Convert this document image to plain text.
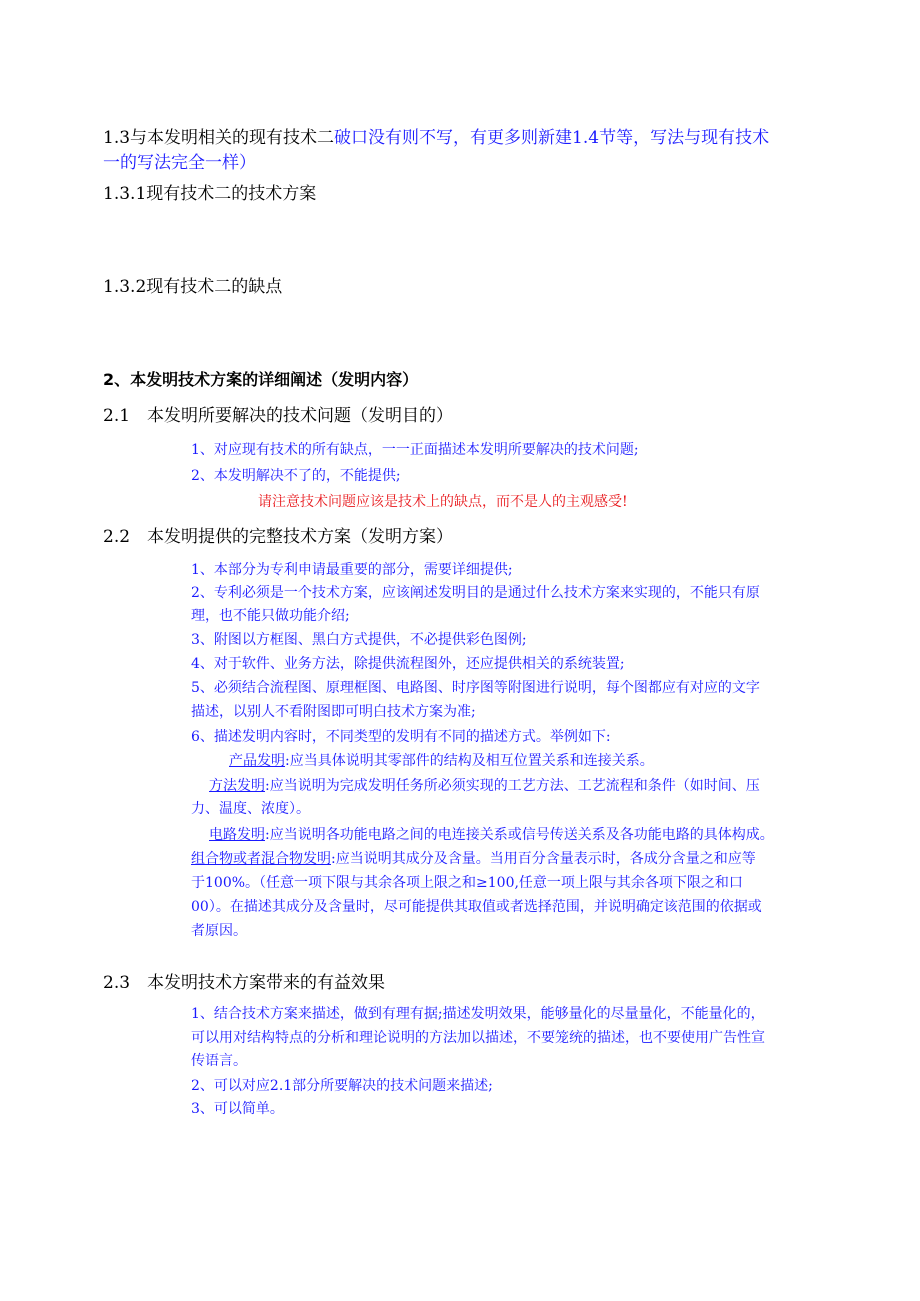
1.3与本发明相关的现有技术二破口没有则不写，有更多则新建1.4节等，写法与现有技术
一的写法完全一样）
1.3.1现有技术二的技术方案
1.3.2现有技术二的缺点
2、本发明技术方案的详细阐述（发明内容）
2.1　本发明所要解决的技术问题（发明目的）
1、对应现有技术的所有缺点，一一正面描述本发明所要解决的技术问题;
2、本发明解决不了的，不能提供;
请注意技术问题应该是技术上的缺点，而不是人的主观感受!
2.2　本发明提供的完整技术方案（发明方案）
1、本部分为专利申请最重要的部分，需要详细提供;
2、专利必须是一个技术方案，应该阐述发明目的是通过什么技术方案来实现的，不能只有原
理，也不能只做功能介绍;
3、附图以方框图、黑白方式提供，不必提供彩色图例;
4、对于软件、业务方法，除提供流程图外，还应提供相关的系统装置;
5、必须结合流程图、原理框图、电路图、时序图等附图进行说明，每个图都应有对应的文字
描述，以别人不看附图即可明白技术方案为准;
6、描述发明内容时，不同类型的发明有不同的描述方式。举例如下:
产品发明:应当具体说明其零部件的结构及相互位置关系和连接关系。
方法发明:应当说明为完成发明任务所必须实现的工艺方法、工艺流程和条件（如时间、压
力、温度、浓度）。
电路发明:应当说明各功能电路之间的电连接关系或信号传送关系及各功能电路的具体构成。
组合物或者混合物发明:应当说明其成分及含量。当用百分含量表示时，各成分含量之和应等
于100%。（任意一项下限与其余各项上限之和≥100,任意一项上限与其余各项下限之和口
00）。在描述其成分及含量时，尽可能提供其取值或者选择范围，并说明确定该范围的依据或
者原因。
2.3　本发明技术方案带来的有益效果
1、结合技术方案来描述，做到有理有据;描述发明效果，能够量化的尽量量化，不能量化的，
可以用对结构特点的分析和理论说明的方法加以描述，不要笼统的描述，也不要使用广告性宣
传语言。
2、可以对应2.1部分所要解决的技术问题来描述;
3、可以简单。
